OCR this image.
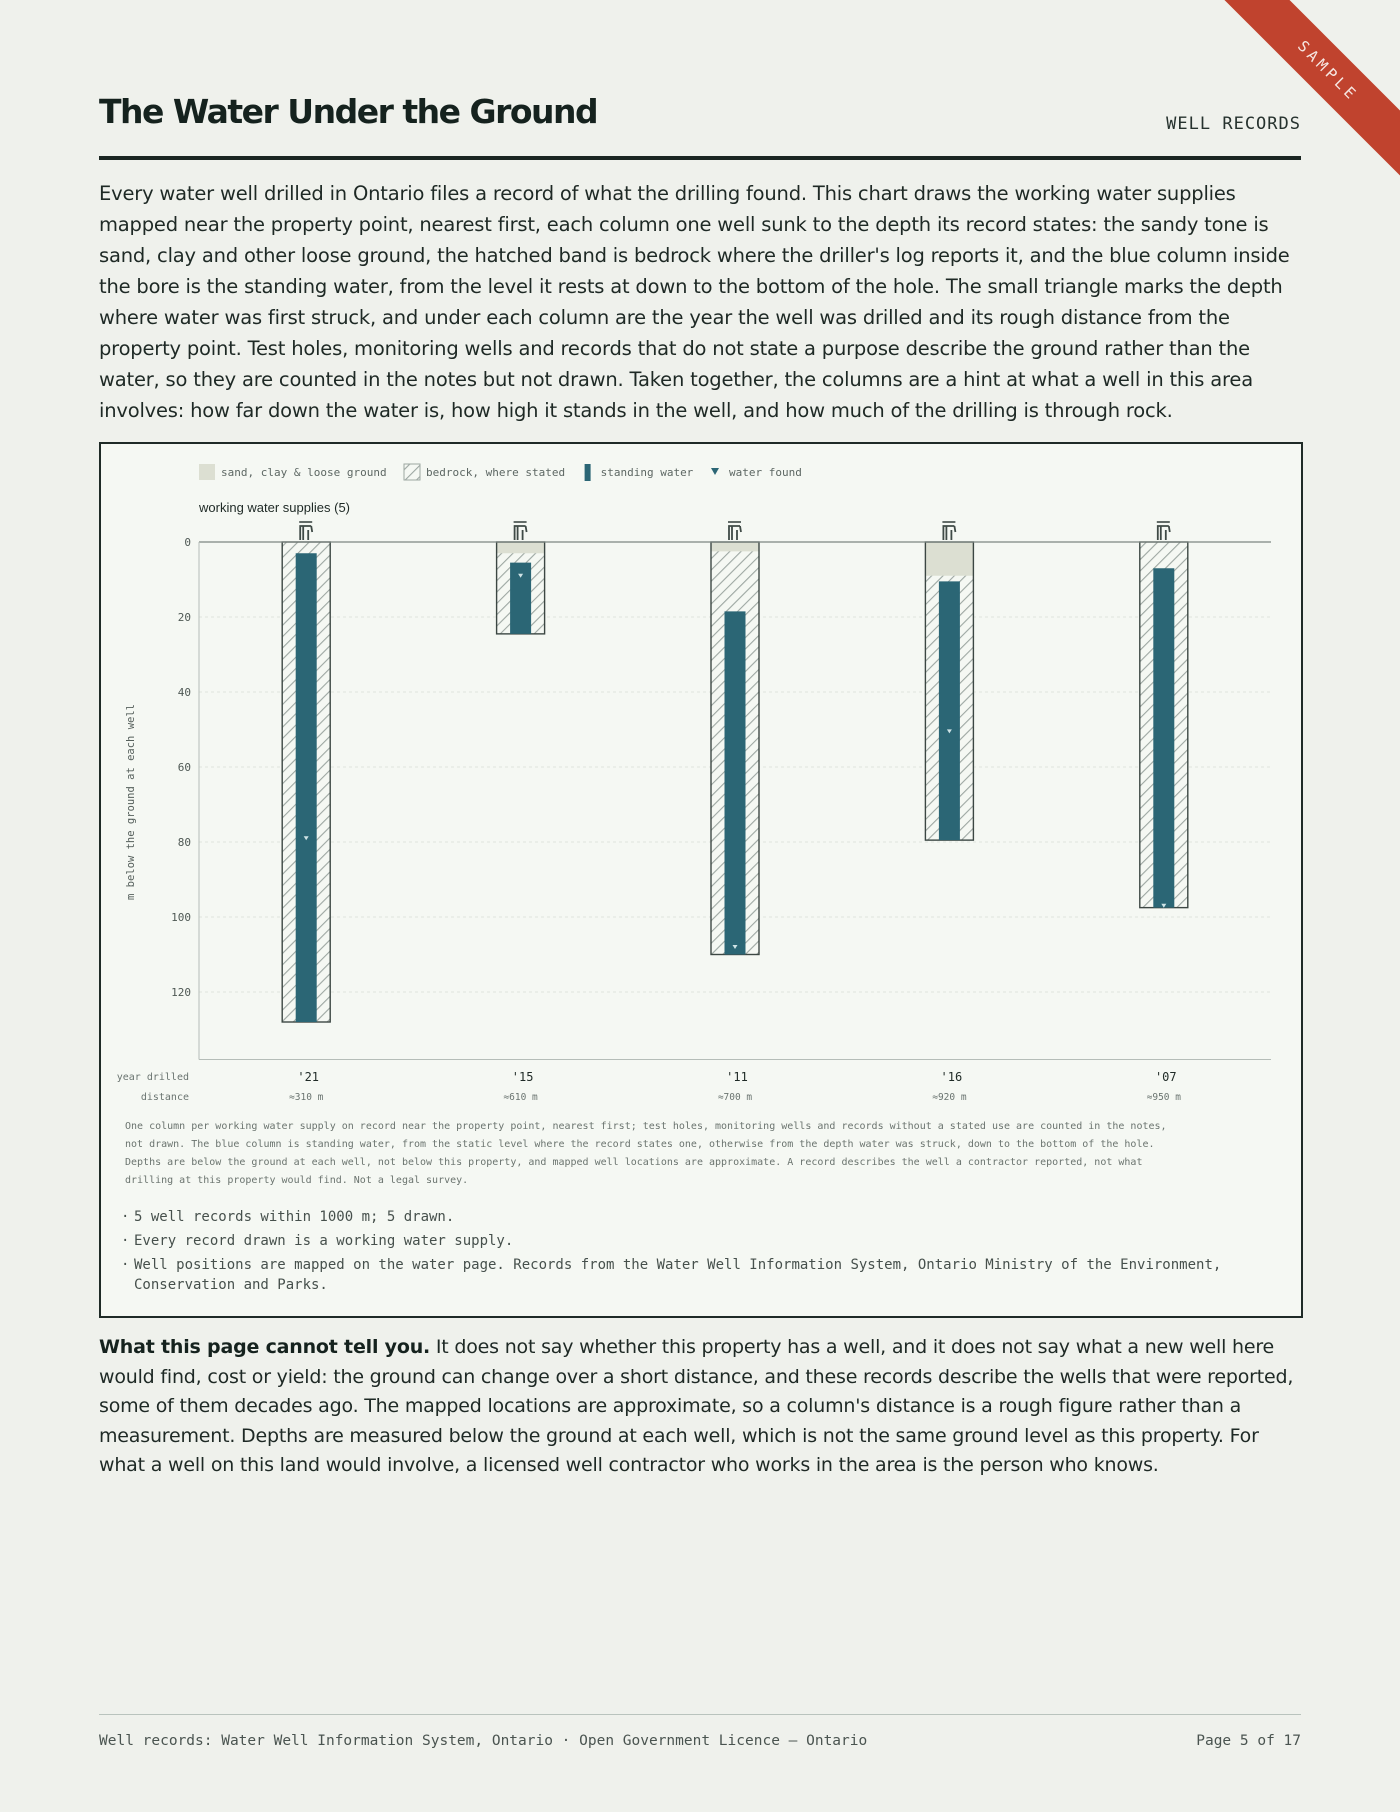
SAMPLE
The Water Under the Ground	WELL RECORDS

Every water well drilled in Ontario files a record of what the drilling found. This chart draws the working water supplies mapped near the property point, nearest first, each column one well sunk to the depth its record states: the sandy tone is sand, clay and other loose ground, the hatched band is bedrock where the driller's log reports it, and the blue column inside the bore is the standing water, from the level it rests at down to the bottom of the hole. The small triangle marks the depth where water was first struck, and under each column are the year the well was drilled and its rough distance from the property point. Test holes, monitoring wells and records that do not state a purpose describe the ground rather than the water, so they are counted in the notes but not drawn. Taken together, the columns are a hint at what a well in this area involves: how far down the water is, how high it stands in the well, and how much of the drilling is through rock.

sand, clay & loose ground	bedrock, where stated	standing water	water found
working water supplies (5)
m below the ground at each well
0
20
40
60
80
100
120
'21
≈310 m
'15
≈610 m
'11
≈700 m
'16
≈920 m
'07
≈950 m
year drilled
distance

One column per working water supply on record near the property point, nearest first; test holes, monitoring wells and records without a stated use are counted in the notes, not drawn. The blue column is standing water, from the static level where the record states one, otherwise from the depth water was struck, down to the bottom of the hole. Depths are below the ground at each well, not below this property, and mapped well locations are approximate. A record describes the well a contractor reported, not what drilling at this property would find. Not a legal survey.

· 5 well records within 1000 m; 5 drawn.
· Every record drawn is a working water supply.
· Well positions are mapped on the water page. Records from the Water Well Information System, Ontario Ministry of the Environment, Conservation and Parks.

What this page cannot tell you. It does not say whether this property has a well, and it does not say what a new well here would find, cost or yield: the ground can change over a short distance, and these records describe the wells that were reported, some of them decades ago. The mapped locations are approximate, so a column's distance is a rough figure rather than a measurement. Depths are measured below the ground at each well, which is not the same ground level as this property. For what a well on this land would involve, a licensed well contractor who works in the area is the person who knows.

Well records: Water Well Information System, Ontario · Open Government Licence – Ontario	Page 5 of 17
